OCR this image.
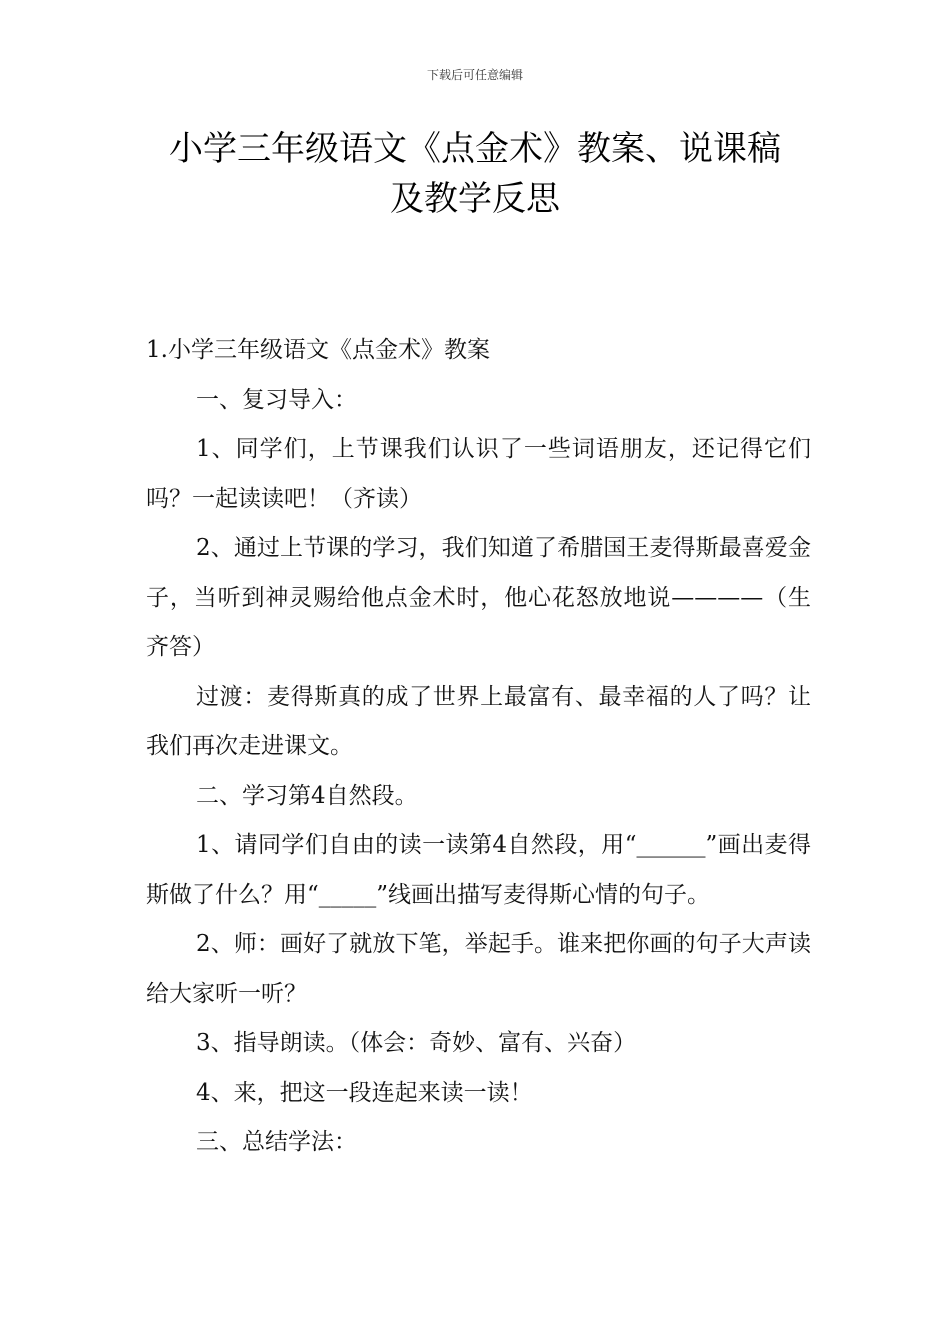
下载后可任意编辑
小学三年级语文《点金术》教案、说课稿
及教学反思

1.小学三年级语文《点金术》教案

一、复习导入：

1、同学们，上节课我们认识了一些词语朋友，还记得它们吗？一起读读吧！（齐读）

2、通过上节课的学习，我们知道了希腊国王麦得斯最喜爱金子，当听到神灵赐给他点金术时，他心花怒放地说————（生齐答）

过渡：麦得斯真的成了世界上最富有、最幸福的人了吗？让我们再次走进课文。

二、学习第4自然段。

1、请同学们自由的读一读第4自然段，用“______”画出麦得斯做了什么？用“_____”线画出描写麦得斯心情的句子。

2、师：画好了就放下笔，举起手。谁来把你画的句子大声读给大家听一听？

3、指导朗读。（体会：奇妙、富有、兴奋）

4、来，把这一段连起来读一读！

三、总结学法：
